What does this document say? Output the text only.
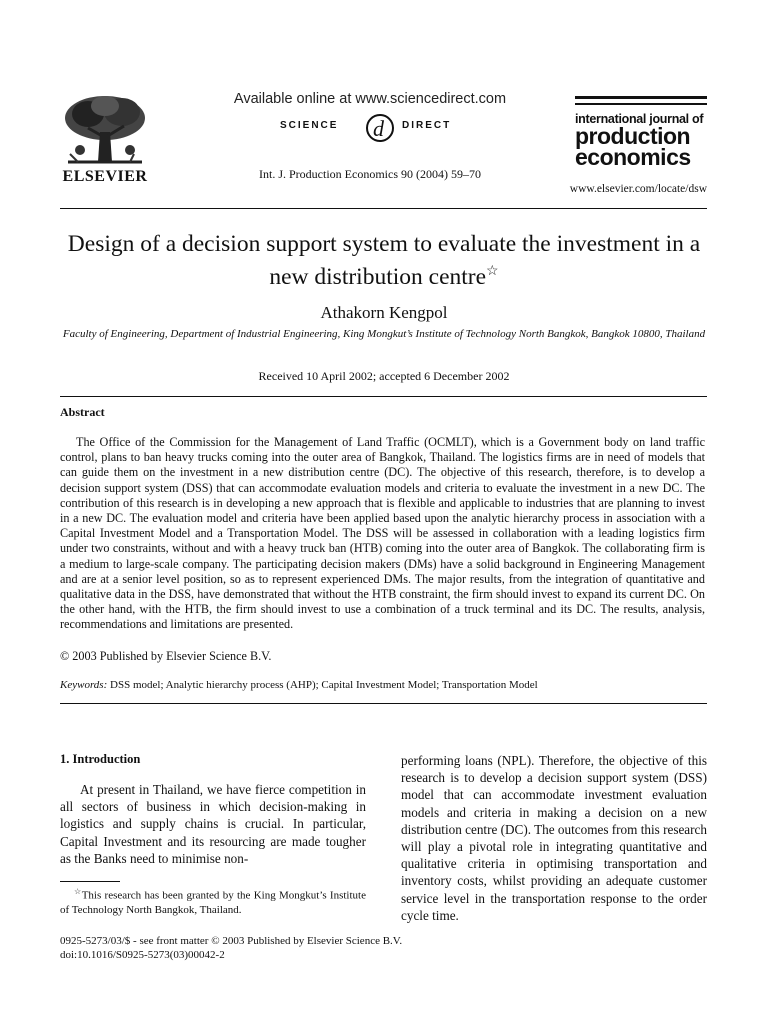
ELSEVIER
Available online at www.sciencedirect.com
SCIENCE d DIRECT
Int. J. Production Economics 90 (2004) 59–70
international journal of
production
economics
www.elsevier.com/locate/dsw
Design of a decision support system to evaluate the investment in a new distribution centre☆
Athakorn Kengpol
Faculty of Engineering, Department of Industrial Engineering, King Mongkut’s Institute of Technology North Bangkok, Bangkok 10800, Thailand
Received 10 April 2002; accepted 6 December 2002
Abstract
The Office of the Commission for the Management of Land Traffic (OCMLT), which is a Government body on land traffic control, plans to ban heavy trucks coming into the outer area of Bangkok, Thailand. The logistics firms are in need of models that can guide them on the investment in a new distribution centre (DC). The objective of this research, therefore, is to develop a decision support system (DSS) that can accommodate evaluation models and criteria to evaluate the investment in a new DC. The contribution of this research is in developing a new approach that is flexible and applicable to industries that are planning to invest in a new DC. The evaluation model and criteria have been applied based upon the analytic hierarchy process in association with a Capital Investment Model and a Transportation Model. The DSS will be assessed in collaboration with a leading logistics firm under two constraints, without and with a heavy truck ban (HTB) coming into the outer area of Bangkok. The collaborating firm is a medium to large-scale company. The participating decision makers (DMs) have a solid background in Engineering Management and are at a senior level position, so as to represent experienced DMs. The major results, from the integration of quantitative and qualitative data in the DSS, have demonstrated that without the HTB constraint, the firm should invest to expand its current DC. On the other hand, with the HTB, the firm should invest to use a combination of a truck terminal and its DC. The results, analysis, recommendations and limitations are presented.
© 2003 Published by Elsevier Science B.V.
Keywords: DSS model; Analytic hierarchy process (AHP); Capital Investment Model; Transportation Model
1. Introduction
At present in Thailand, we have fierce competition in all sectors of business in which decision-making in logistics and supply chains is crucial. In particular, Capital Investment and its resourcing are made tougher as the Banks need to minimise non-
performing loans (NPL). Therefore, the objective of this research is to develop a decision support system (DSS) model that can accommodate investment evaluation models and criteria in making a decision on a new distribution centre (DC). The outcomes from this research will play a pivotal role in integrating quantitative and qualitative criteria in optimising transportation and inventory costs, whilst providing an adequate customer service level in the transportation response to the order cycle time.
☆This research has been granted by the King Mongkut’s Institute of Technology North Bangkok, Thailand.
0925-5273/03/$ - see front matter © 2003 Published by Elsevier Science B.V.
doi:10.1016/S0925-5273(03)00042-2
